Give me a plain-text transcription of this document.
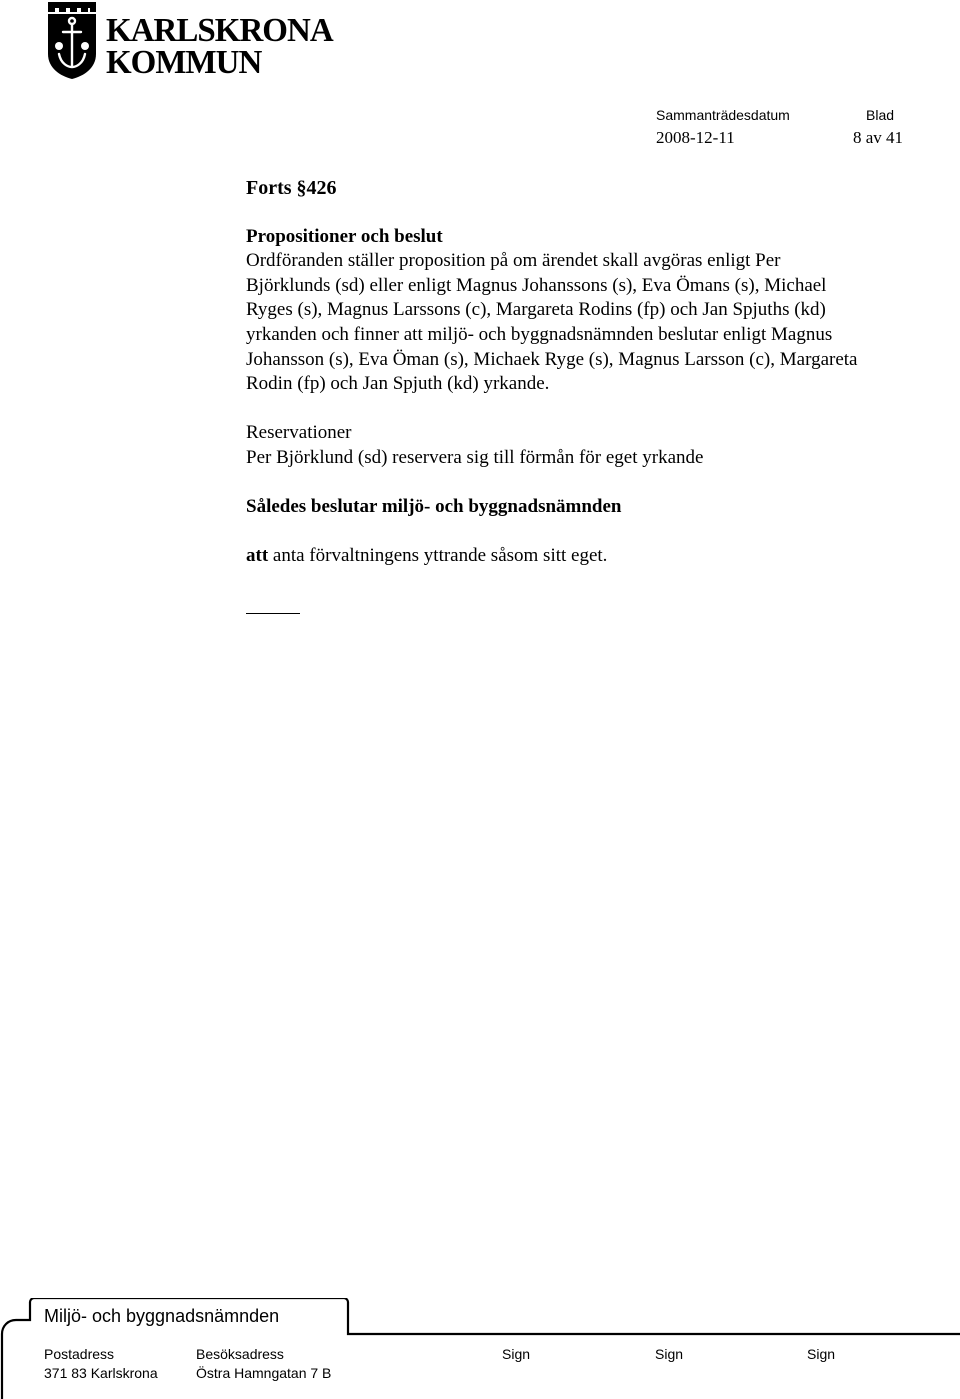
KARLSKRONA
KOMMUN
Sammanträdesdatum	Blad
2008-12-11	8 av 41

Forts §426

Propositioner och beslut

Ordföranden ställer proposition på om ärendet skall avgöras enligt Per

Björklunds (sd) eller enligt Magnus Johanssons (s), Eva Ömans (s), Michael

Ryges (s), Magnus Larssons (c), Margareta Rodins (fp) och Jan Spjuths (kd)

yrkanden och finner att miljö- och byggnadsnämnden beslutar enligt Magnus

Johansson (s), Eva Öman (s), Michaek Ryge (s), Magnus Larsson (c), Margareta

Rodin (fp) och Jan Spjuth (kd) yrkande.

Reservationer

Per Björklund (sd) reservera sig till förmån för eget yrkande

Således beslutar miljö- och byggnadsnämnden

att anta förvaltningens yttrande såsom sitt eget.

Miljö- och byggnadsnämnden
Postadress	Besöksadress	Sign	Sign	Sign
371 83 Karlskrona	Östra Hamngatan 7 B
